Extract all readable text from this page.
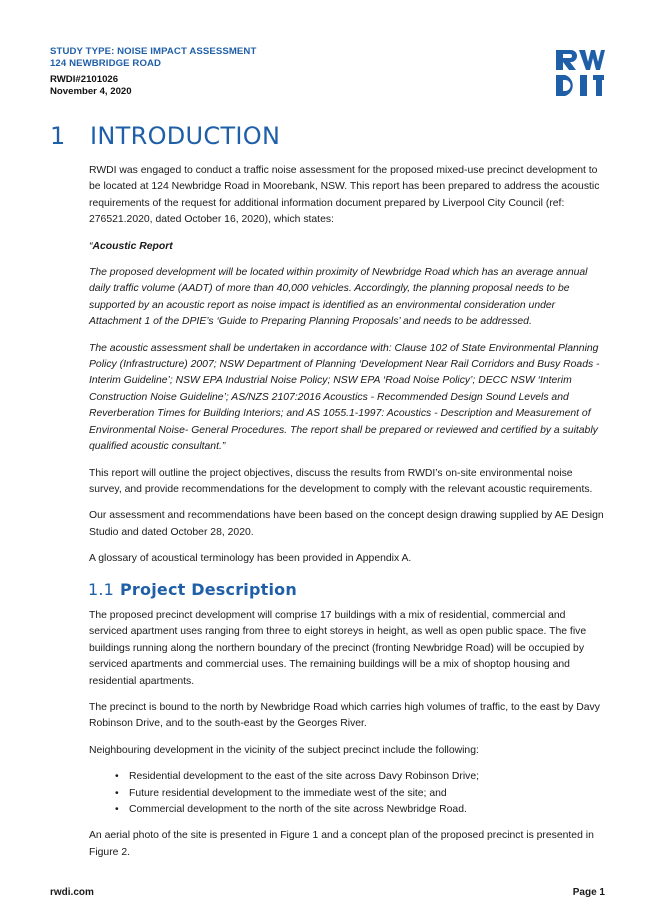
STUDY TYPE: NOISE IMPACT ASSESSMENT
124 NEWBRIDGE ROAD
RWDI#2101026
November 4, 2020
1 INTRODUCTION

RWDI was engaged to conduct a traffic noise assessment for the proposed mixed-use precinct development to be located at 124 Newbridge Road in Moorebank, NSW. This report has been prepared to address the acoustic requirements of the request for additional information document prepared by Liverpool City Council (ref: 276521.2020, dated October 16, 2020), which states:

“Acoustic Report

The proposed development will be located within proximity of Newbridge Road which has an average annual daily traffic volume (AADT) of more than 40,000 vehicles. Accordingly, the planning proposal needs to be supported by an acoustic report as noise impact is identified as an environmental consideration under Attachment 1 of the DPIE’s ‘Guide to Preparing Planning Proposals’ and needs to be addressed.

The acoustic assessment shall be undertaken in accordance with: Clause 102 of State Environmental Planning Policy (Infrastructure) 2007; NSW Department of Planning ‘Development Near Rail Corridors and Busy Roads - Interim Guideline’; NSW EPA Industrial Noise Policy; NSW EPA ‘Road Noise Policy’; DECC NSW ‘Interim Construction Noise Guideline’; AS/NZS 2107:2016 Acoustics - Recommended Design Sound Levels and Reverberation Times for Building Interiors; and AS 1055.1-1997: Acoustics - Description and Measurement of Environmental Noise- General Procedures. The report shall be prepared or reviewed and certified by a suitably qualified acoustic consultant.”

This report will outline the project objectives, discuss the results from RWDI’s on-site environmental noise survey, and provide recommendations for the development to comply with the relevant acoustic requirements.

Our assessment and recommendations have been based on the concept design drawing supplied by AE Design Studio and dated October 28, 2020.

A glossary of acoustical terminology has been provided in Appendix A.

1.1 Project Description

The proposed precinct development will comprise 17 buildings with a mix of residential, commercial and serviced apartment uses ranging from three to eight storeys in height, as well as open public space. The five buildings running along the northern boundary of the precinct (fronting Newbridge Road) will be occupied by serviced apartments and commercial uses. The remaining buildings will be a mix of shoptop housing and residential apartments.

The precinct is bound to the north by Newbridge Road which carries high volumes of traffic, to the east by Davy Robinson Drive, and to the south-east by the Georges River.

Neighbouring development in the vicinity of the subject precinct include the following:

• Residential development to the east of the site across Davy Robinson Drive;
• Future residential development to the immediate west of the site; and
• Commercial development to the north of the site across Newbridge Road.

An aerial photo of the site is presented in Figure 1 and a concept plan of the proposed precinct is presented in Figure 2.

rwdi.com	Page 1
